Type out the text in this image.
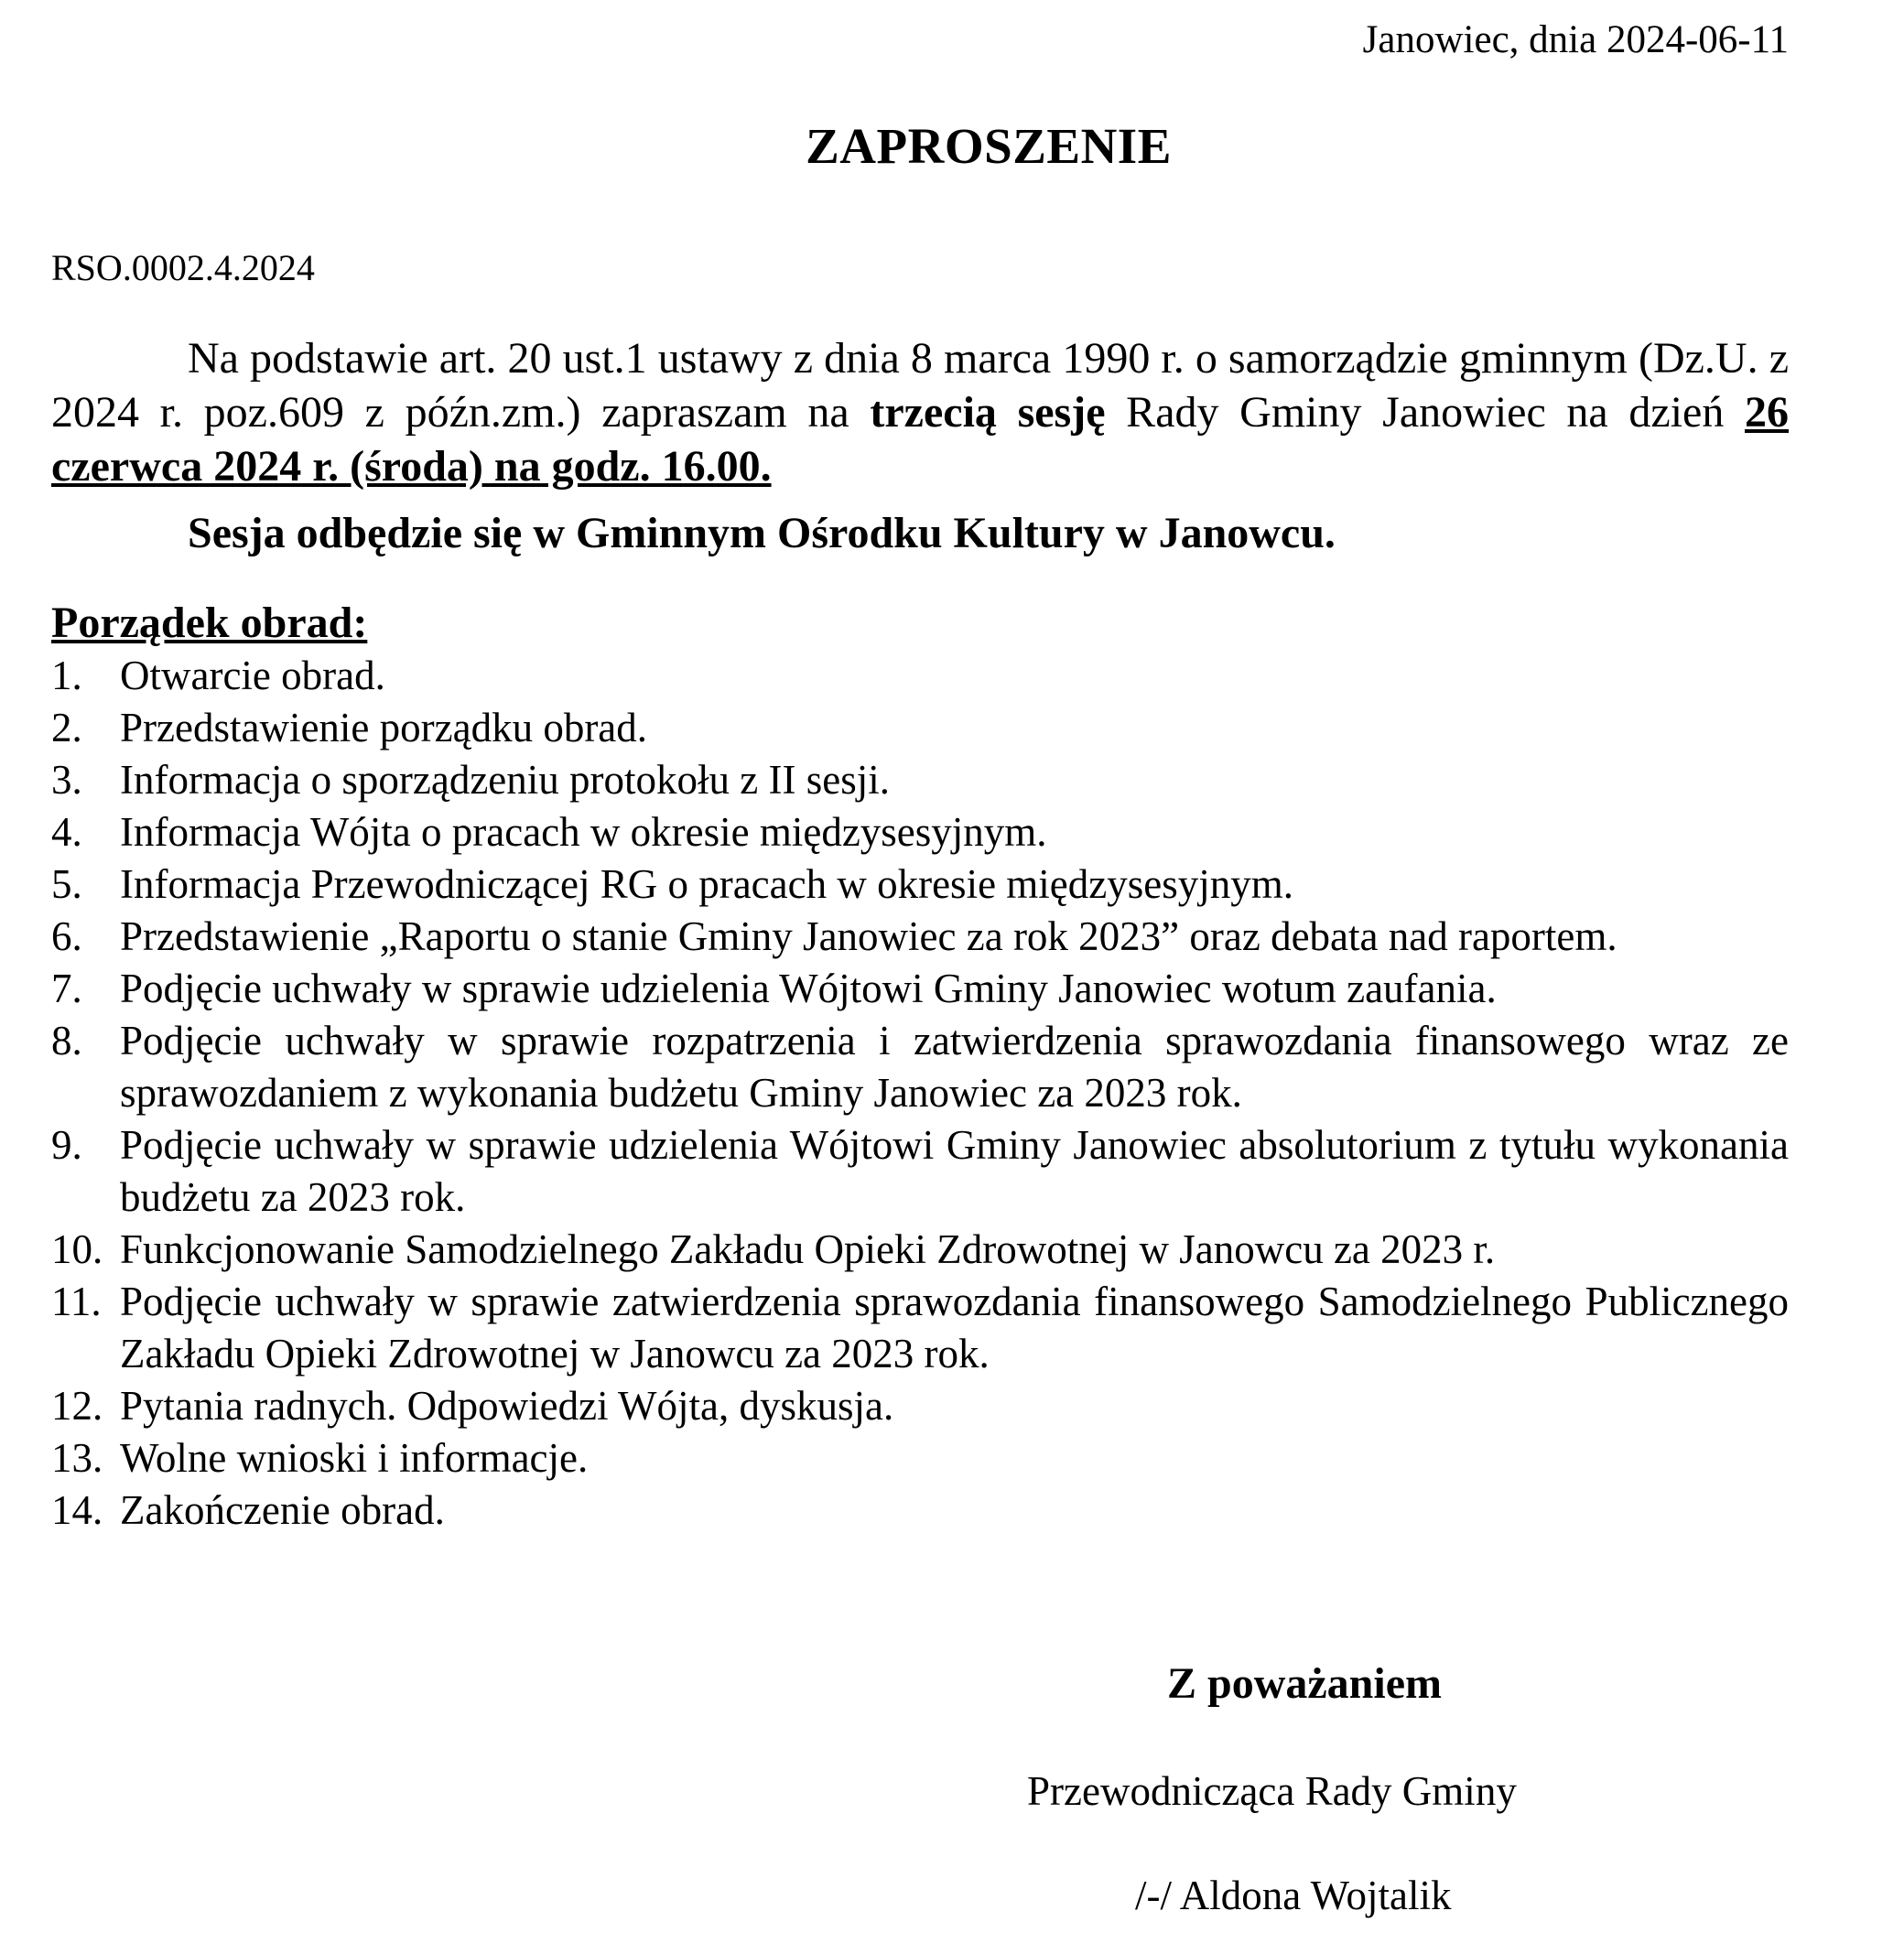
Janowiec, dnia 2024-06-11
ZAPROSZENIE
RSO.0002.4.2024

Na podstawie art. 20 ust.1 ustawy z dnia 8 marca 1990 r. o samorządzie gminnym (Dz.U. z 2024 r. poz.609 z późn.zm.) zapraszam na trzecią sesję Rady Gminy Janowiec na dzień 26 czerwca 2024 r. (środa) na godz. 16.00.

Sesja odbędzie się w Gminnym Ośrodku Kultury w Janowcu.
Porządek obrad:
1. Otwarcie obrad.
2. Przedstawienie porządku obrad.
3. Informacja o sporządzeniu protokołu z II sesji.
4. Informacja Wójta o pracach w okresie międzysesyjnym.
5. Informacja Przewodniczącej RG o pracach w okresie międzysesyjnym.
6. Przedstawienie „Raportu o stanie Gminy Janowiec za rok 2023” oraz debata nad raportem.
7. Podjęcie uchwały w sprawie udzielenia Wójtowi Gminy Janowiec wotum zaufania.
8. Podjęcie uchwały w sprawie rozpatrzenia i zatwierdzenia sprawozdania finansowego wraz ze sprawozdaniem z wykonania budżetu Gminy Janowiec za 2023 rok.
9. Podjęcie uchwały w sprawie udzielenia Wójtowi Gminy Janowiec absolutorium z tytułu wykonania budżetu za 2023 rok.
10. Funkcjonowanie Samodzielnego Zakładu Opieki Zdrowotnej w Janowcu za 2023 r.
11. Podjęcie uchwały w sprawie zatwierdzenia sprawozdania finansowego Samodzielnego Publicznego Zakładu Opieki Zdrowotnej w Janowcu za 2023 rok.
12. Pytania radnych. Odpowiedzi Wójta, dyskusja.
13. Wolne wnioski i informacje.
14. Zakończenie obrad.
Z poważaniem
Przewodnicząca Rady Gminy
/-/ Aldona Wojtalik
